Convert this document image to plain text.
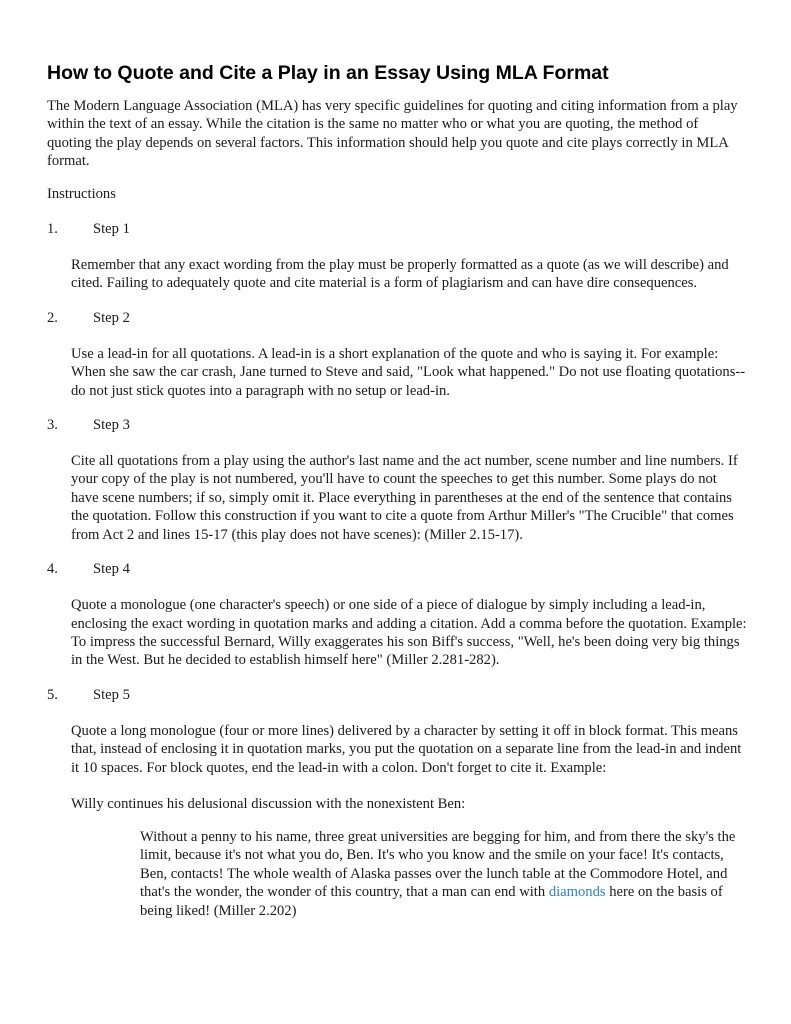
How to Quote and Cite a Play in an Essay Using MLA Format

The Modern Language Association (MLA) has very specific guidelines for quoting and citing information from a play within the text of an essay. While the citation is the same no matter who or what you are quoting, the method of quoting the play depends on several factors. This information should help you quote and cite plays correctly in MLA format.

Instructions
1. Step 1

Remember that any exact wording from the play must be properly formatted as a quote (as we will describe) and cited. Failing to adequately quote and cite material is a form of plagiarism and can have dire consequences.

2. Step 2

Use a lead-in for all quotations. A lead-in is a short explanation of the quote and who is saying it. For example: When she saw the car crash, Jane turned to Steve and said, "Look what happened." Do not use floating quotations--do not just stick quotes into a paragraph with no setup or lead-in.

3. Step 3

Cite all quotations from a play using the author's last name and the act number, scene number and line numbers. If your copy of the play is not numbered, you'll have to count the speeches to get this number. Some plays do not have scene numbers; if so, simply omit it. Place everything in parentheses at the end of the sentence that contains the quotation. Follow this construction if you want to cite a quote from Arthur Miller's "The Crucible" that comes from Act 2 and lines 15-17 (this play does not have scenes): (Miller 2.15-17).

4. Step 4

Quote a monologue (one character's speech) or one side of a piece of dialogue by simply including a lead-in, enclosing the exact wording in quotation marks and adding a citation. Add a comma before the quotation. Example: To impress the successful Bernard, Willy exaggerates his son Biff's success, "Well, he's been doing very big things in the West. But he decided to establish himself here" (Miller 2.281-282).

5. Step 5

Quote a long monologue (four or more lines) delivered by a character by setting it off in block format. This means that, instead of enclosing it in quotation marks, you put the quotation on a separate line from the lead-in and indent it 10 spaces. For block quotes, end the lead-in with a colon. Don't forget to cite it. Example:

Willy continues his delusional discussion with the nonexistent Ben:

Without a penny to his name, three great universities are begging for him, and from there the sky's the limit, because it's not what you do, Ben. It's who you know and the smile on your face! It's contacts, Ben, contacts! The whole wealth of Alaska passes over the lunch table at the Commodore Hotel, and that's the wonder, the wonder of this country, that a man can end with diamonds here on the basis of being liked! (Miller 2.202)
